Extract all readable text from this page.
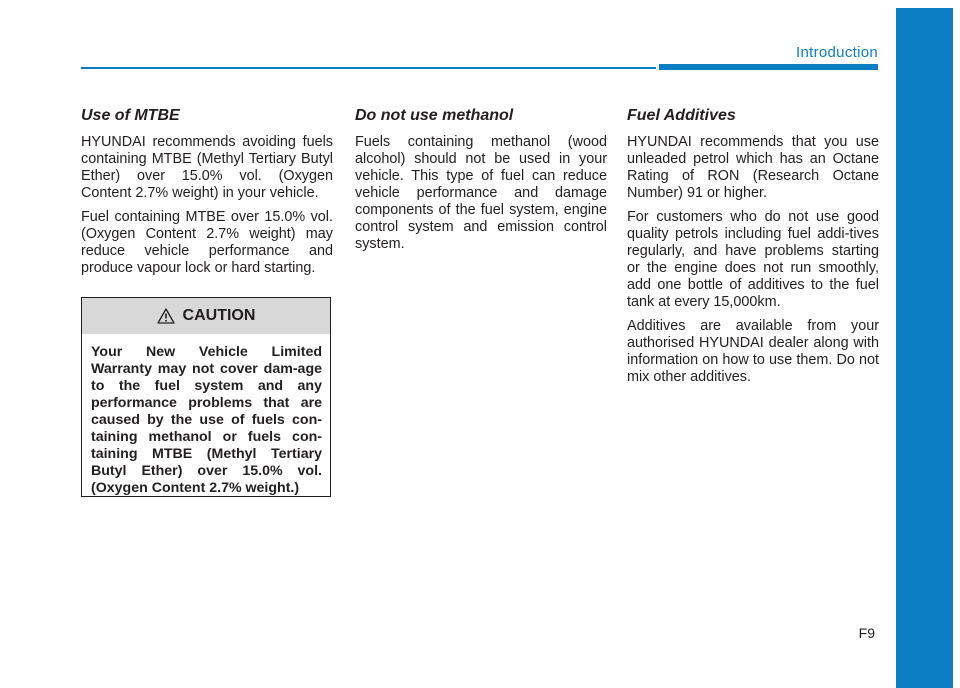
Introduction
Use of MTBE

HYUNDAI recommends avoiding fuels containing MTBE (Methyl Tertiary Butyl Ether) over 15.0% vol. (Oxygen Content 2.7% weight) in your vehicle.

Fuel containing MTBE over 15.0% vol. (Oxygen Content 2.7% weight) may reduce vehicle performance and produce vapour lock or hard starting.

CAUTION
Your New Vehicle Limited Warranty may not cover dam-age to the fuel system and any performance problems that are caused by the use of fuels con-taining methanol or fuels con-taining MTBE (Methyl Tertiary Butyl Ether) over 15.0% vol. (Oxygen Content 2.7% weight.)
Do not use methanol

Fuels containing methanol (wood alcohol) should not be used in your vehicle. This type of fuel can reduce vehicle performance and damage components of the fuel system, engine control system and emission control system.

Fuel Additives

HYUNDAI recommends that you use unleaded petrol which has an Octane Rating of RON (Research Octane Number) 91 or higher.

For customers who do not use good quality petrols including fuel addi-tives regularly, and have problems starting or the engine does not run smoothly, add one bottle of additives to the fuel tank at every 15,000km.

Additives are available from your authorised HYUNDAI dealer along with information on how to use them. Do not mix other additives.

F9
